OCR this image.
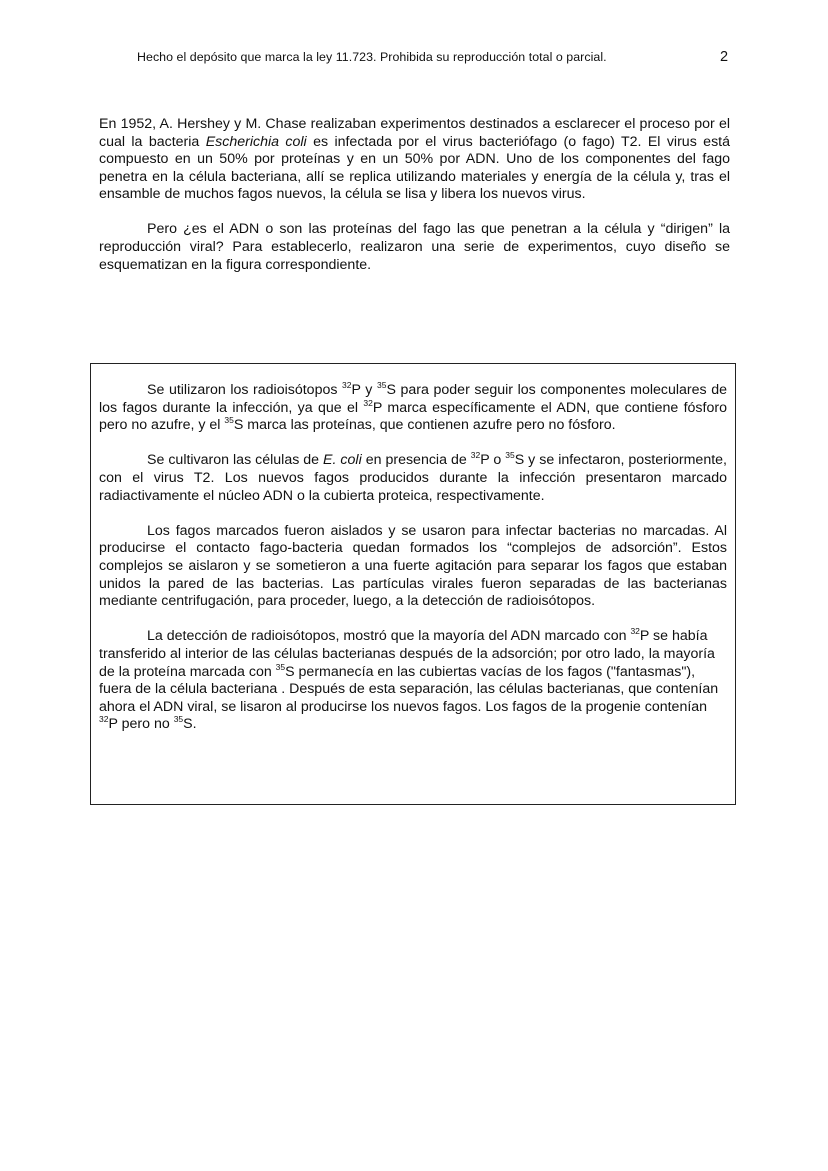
Hecho el depósito que marca la ley 11.723. Prohibida su reproducción total o parcial.	2

En 1952, A. Hershey y M. Chase realizaban experimentos destinados a esclarecer el proceso por el cual la bacteria Escherichia coli es infectada por el virus bacteriófago (o fago) T2. El virus está compuesto en un 50% por proteínas y en un 50% por ADN. Uno de los componentes del fago penetra en la célula bacteriana, allí se replica utilizando materiales y energía de la célula y, tras el ensamble de muchos fagos nuevos, la célula se lisa y libera los nuevos virus.

Pero ¿es el ADN o son las proteínas del fago las que penetran a la célula y “dirigen” la reproducción viral? Para establecerlo, realizaron una serie de experimentos, cuyo diseño se esquematizan en la figura correspondiente.

Se utilizaron los radioisótopos $^{32}$P y $^{35}$S para poder seguir los componentes moleculares de los fagos durante la infección, ya que el $^{32}$P marca específicamente el ADN, que contiene fósforo pero no azufre, y el $^{35}$S marca las proteínas, que contienen azufre pero no fósforo.

Se cultivaron las células de E. coli en presencia de $^{32}$P o $^{35}$S y se infectaron, posteriormente, con el virus T2. Los nuevos fagos producidos durante la infección presentaron marcado radiactivamente el núcleo ADN o la cubierta proteica, respectivamente.

Los fagos marcados fueron aislados y se usaron para infectar bacterias no marcadas. Al producirse el contacto fago-bacteria quedan formados los “complejos de adsorción”. Estos complejos se aislaron y se sometieron a una fuerte agitación para separar los fagos que estaban unidos la pared de las bacterias. Las partículas virales fueron separadas de las bacterianas mediante centrifugación, para proceder, luego, a la detección de radioisótopos.

La detección de radioisótopos, mostró que la mayoría del ADN marcado con $^{32}$P se había transferido al interior de las células bacterianas después de la adsorción; por otro lado, la mayoría de la proteína marcada con $^{35}$S permanecía en las cubiertas vacías de los fagos ("fantasmas"), fuera de la célula bacteriana . Después de esta separación, las células bacterianas, que contenían ahora el ADN viral, se lisaron al producirse los nuevos fagos. Los fagos de la progenie contenían $^{32}$P pero no $^{35}$S.
